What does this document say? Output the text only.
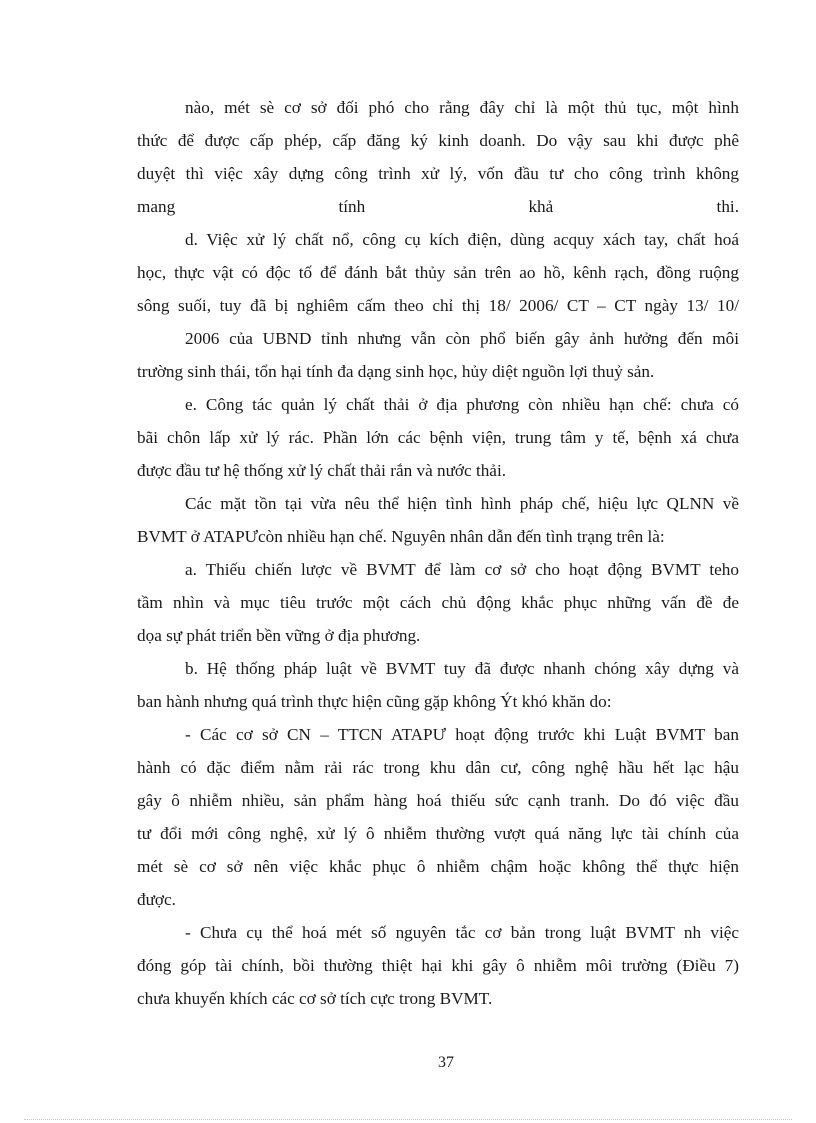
nào, mét sè cơ sở đối phó cho rằng đây chỉ là một thủ tục, một hình
thức để được cấp phép, cấp đăng ký kinh doanh. Do vậy sau khi được phê
duyệt thì việc xây dựng công trình xử lý, vốn đầu tư cho công trình không
mang tính khả thi.
d. Việc xử lý chất nổ, công cụ kích điện, dùng acquy xách tay, chất hoá
học, thực vật có độc tố để đánh bắt thủy sản trên ao hồ, kênh rạch, đồng ruộng
sông suối, tuy đã bị nghiêm cấm theo chỉ thị 18/ 2006/ CT – CT ngày 13/ 10/
2006 của UBND tỉnh nhưng vẫn còn phổ biến gây ảnh hưởng đến môi
trường sinh thái, tổn hại tính đa dạng sinh học, hủy diệt nguồn lợi thuỷ sản.
e. Công tác quản lý chất thải ở địa phương còn nhiều hạn chế: chưa có
bãi chôn lấp xử lý rác. Phần lớn các bệnh viện, trung tâm y tế, bệnh xá chưa
được đầu tư hệ thống xử lý chất thải rắn và nước thải.
Các mặt tồn tại vừa nêu thể hiện tình hình pháp chế, hiệu lực QLNN về
BVMT ở ATAPƯcòn nhiều hạn chế. Nguyên nhân dẫn đến tình trạng trên là:
a. Thiếu chiến lược về BVMT để làm cơ sở cho hoạt động BVMT teho
tầm nhìn và mục tiêu trước một cách chủ động khắc phục những vấn đề đe
dọa sự phát triển bền vững ở địa phương.
b. Hệ thống pháp luật về BVMT tuy đã được nhanh chóng xây dựng và
ban hành nhưng quá trình thực hiện cũng gặp không Ýt khó khăn do:
- Các cơ sở CN – TTCN ATAPƯ hoạt động trước khi Luật BVMT ban
hành có đặc điểm nằm rải rác trong khu dân cư, công nghệ hầu hết lạc hậu
gây ô nhiễm nhiều, sản phẩm hàng hoá thiếu sức cạnh tranh. Do đó việc đầu
tư đổi mới công nghệ, xử lý ô nhiễm thường vượt quá năng lực tài chính của
mét sè cơ sở nên việc khắc phục ô nhiễm chậm hoặc không thể thực hiện
được.
- Chưa cụ thể hoá mét số nguyên tắc cơ bản trong luật BVMT nh việc
đóng góp tài chính, bồi thường thiệt hại khi gây ô nhiễm môi trường (Điều 7)
chưa khuyến khích các cơ sở tích cực trong BVMT.
37
